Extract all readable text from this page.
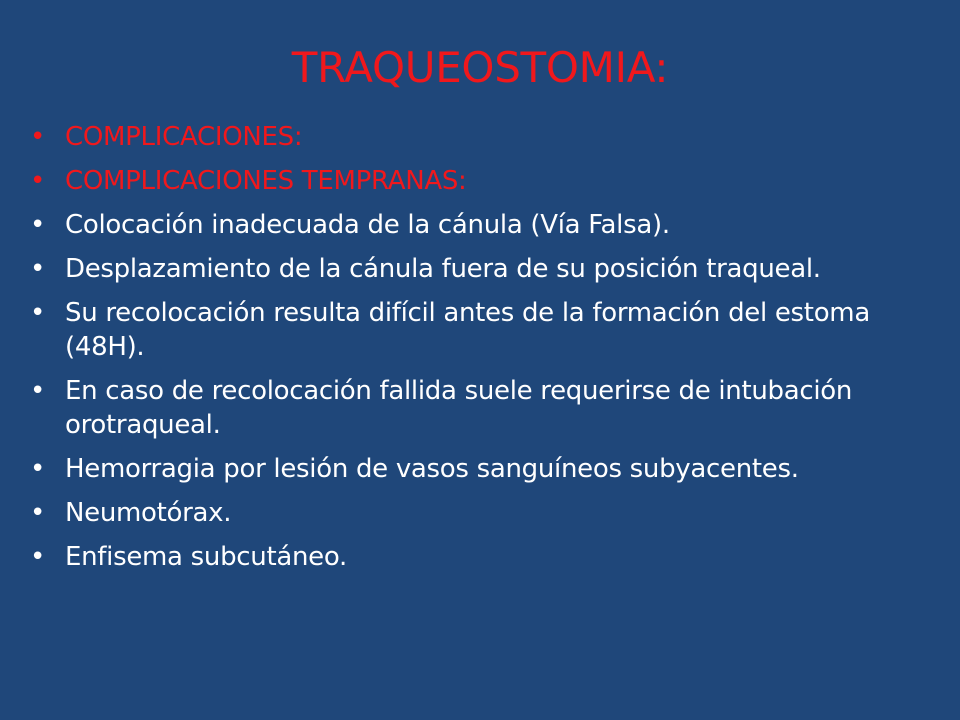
TRAQUEOSTOMIA:
• COMPLICACIONES:
• COMPLICACIONES TEMPRANAS:
• Colocación inadecuada de la cánula (Vía Falsa).
• Desplazamiento de la cánula fuera de su posición traqueal.
• Su recolocación resulta difícil antes de la formación del estoma (48H).
• En caso de recolocación fallida suele requerirse de intubación orotraqueal.
• Hemorragia por lesión de vasos sanguíneos subyacentes.
• Neumotórax.
• Enfisema subcutáneo.
